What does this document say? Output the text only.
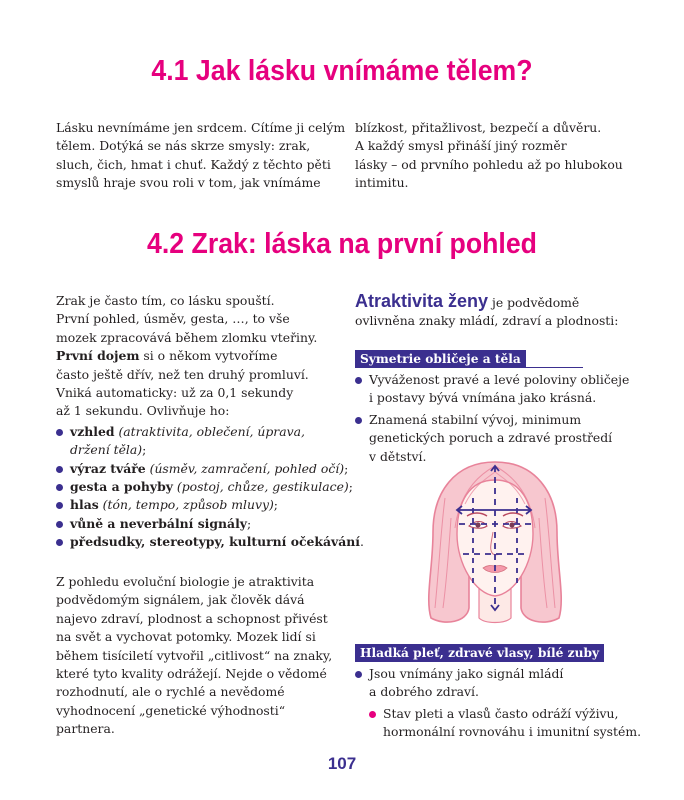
4.1 Jak lásku vnímáme tělem?
Lásku nevnímáme jen srdcem. Cítíme ji celým
tělem. Dotýká se nás skrze smysly: zrak,
sluch, čich, hmat i chuť. Každý z těchto pěti
smyslů hraje svou roli v tom, jak vnímáme
blízkost, přitažlivost, bezpečí a důvěru.
A každý smysl přináší jiný rozměr
lásky – od prvního pohledu až po hlubokou
intimitu.
4.2 Zrak: láska na první pohled
Zrak je často tím, co lásku spouští.
První pohled, úsměv, gesta, …, to vše
mozek zpracovává během zlomku vteřiny.
První dojem si o někom vytvoříme
často ještě dřív, než ten druhý promluví.
Vniká automaticky: už za 0,1 sekundy
až 1 sekundu. Ovlivňuje ho:
vzhled (atraktivita, oblečení, úprava,
držení těla);
výraz tváře (úsměv, zamračení, pohled očí);
gesta a pohyby (postoj, chůze, gestikulace);
hlas (tón, tempo, způsob mluvy);
vůně a neverbální signály;
předsudky, stereotypy, kulturní očekávání.
Z pohledu evoluční biologie je atraktivita
podvědomým signálem, jak člověk dává
najevo zdraví, plodnost a schopnost přivést
na svět a vychovat potomky. Mozek lidí si
během tisíciletí vytvořil „citlivost“ na znaky,
které tyto kvality odrážejí. Nejde o vědomé
rozhodnutí, ale o rychlé a nevědomé
vyhodnocení „genetické výhodnosti“
partnera.
Atraktivita ženy je podvědomě
ovlivněna znaky mládí, zdraví a plodnosti:
Symetrie obličeje a těla
Vyváženost pravé a levé poloviny obličeje
i postavy bývá vnímána jako krásná.
Znamená stabilní vývoj, minimum
genetických poruch a zdravé prostředí
v dětství.
Hladká pleť, zdravé vlasy, bílé zuby
Jsou vnímány jako signál mládí
a dobrého zdraví.
Stav pleti a vlasů často odráží výživu,
hormonální rovnováhu i imunitní systém.
107
